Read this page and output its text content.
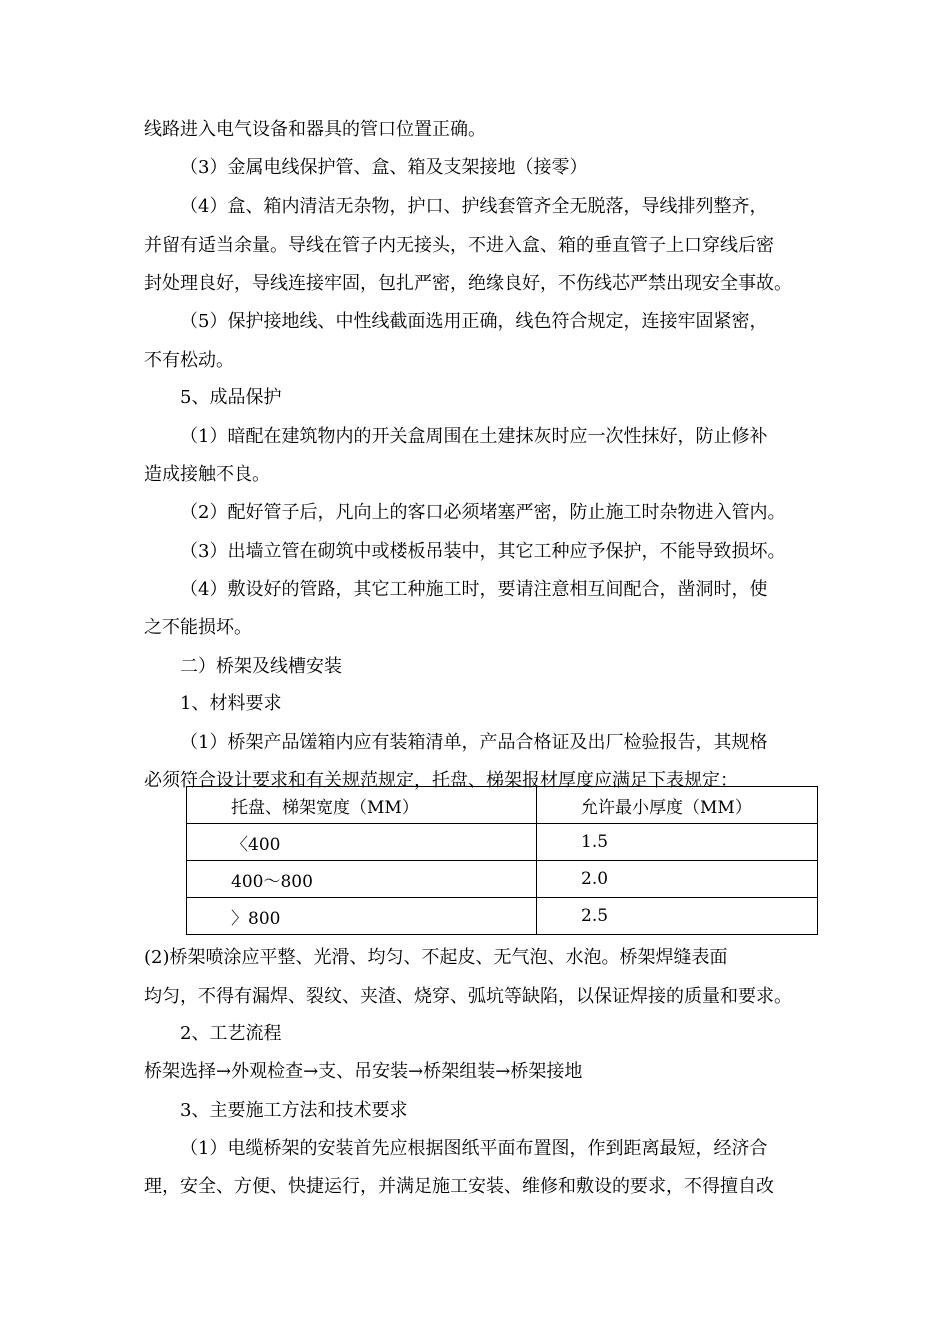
线路进入电气设备和器具的管口位置正确。
（3）金属电线保护管、盒、箱及支架接地（接零）
（4）盒、箱内清洁无杂物，护口、护线套管齐全无脱落，导线排列整齐，
并留有适当余量。导线在管子内无接头，不进入盒、箱的垂直管子上口穿线后密
封处理良好，导线连接牢固，包扎严密，绝缘良好，不伤线芯严禁出现安全事故。
（5）保护接地线、中性线截面选用正确，线色符合规定，连接牢固紧密，
不有松动。
5、成品保护
（1）暗配在建筑物内的开关盒周围在土建抹灰时应一次性抹好，防止修补
造成接触不良。
（2）配好管子后，凡向上的客口必须堵塞严密，防止施工时杂物进入管内。
（3）出墙立管在砌筑中或楼板吊装中，其它工种应予保护，不能导致损坏。
（4）敷设好的管路，其它工种施工时，要请注意相互间配合，凿洞时，使
之不能损坏。
二）桥架及线槽安装
1、材料要求
（1）桥架产品馐箱内应有装箱清单，产品合格证及出厂检验报告，其规格
必须符合设计要求和有关规范规定，托盘、梯架报材厚度应满足下表规定：
托盘、梯架宽度（MM）	允许最小厚度（MM）
〈400	1.5
400～800	2.0
〉800	2.5
(2)桥架喷涂应平整、光滑、均匀、不起皮、无气泡、水泡。桥架焊缝表面
均匀，不得有漏焊、裂纹、夹渣、烧穿、弧坑等缺陷，以保证焊接的质量和要求。
2、工艺流程
桥架选择→外观检查→支、吊安装→桥架组装→桥架接地
3、主要施工方法和技术要求
（1）电缆桥架的安装首先应根据图纸平面布置图，作到距离最短，经济合
理，安全、方便、快捷运行，并满足施工安装、维修和敷设的要求，不得擅自改
